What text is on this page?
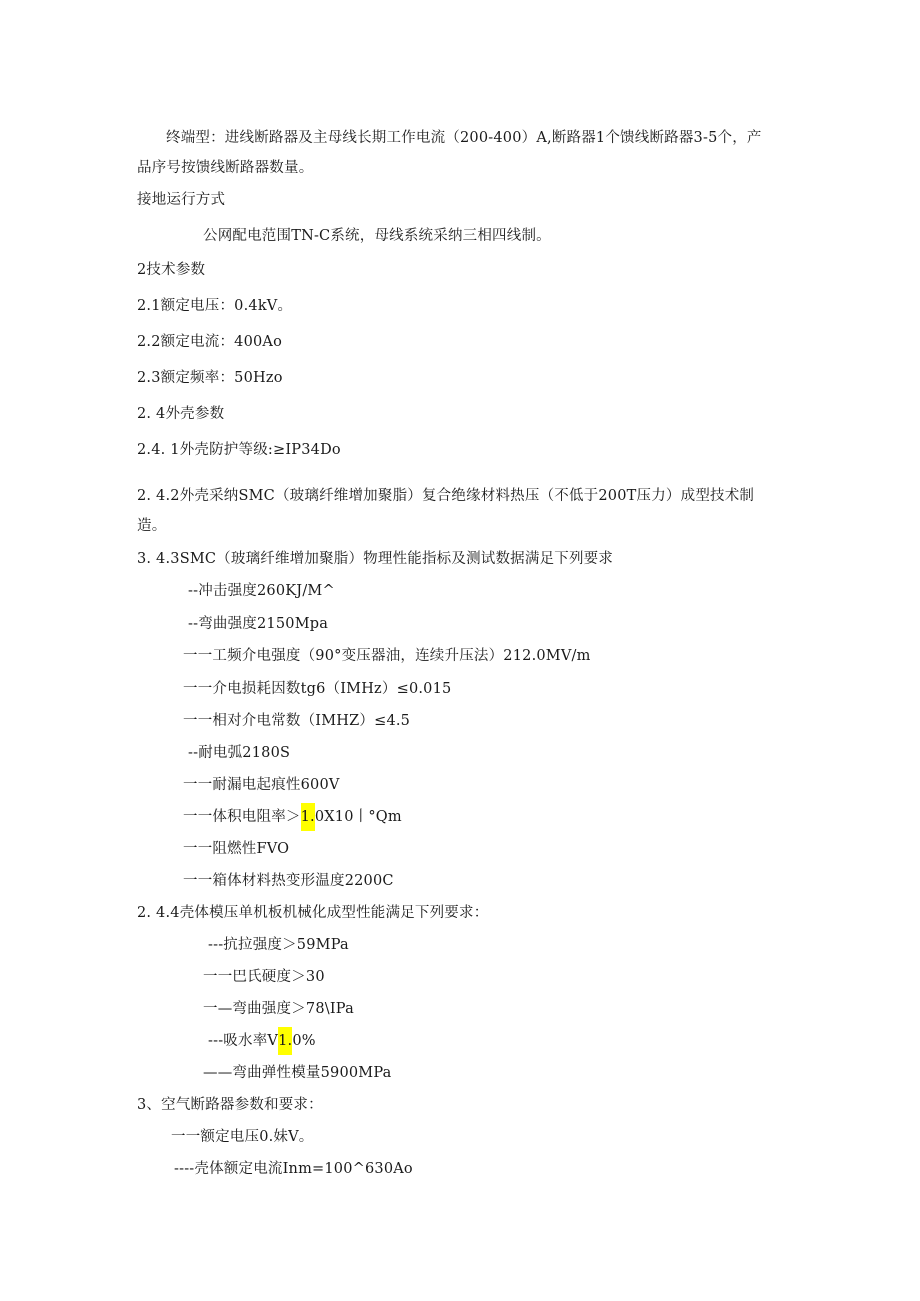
终端型：进线断路器及主母线长期工作电流（200-400）A,断路器1个馈线断路器3-5个，产

品序号按馈线断路器数量。

接地运行方式

公网配电范围TN-C系统，母线系统采纳三相四线制。

2技术参数

2.1额定电压：0.4kV。

2.2额定电流：400Ao

2.3额定频率：50Hzo

2. 4外壳参数

2.4. 1外壳防护等级:≥IP34Do

2. 4.2外壳采纳SMC（玻璃纤维增加聚脂）复合绝缘材料热压（不低于200T压力）成型技术制

造。

3. 4.3SMC（玻璃纤维增加聚脂）物理性能指标及测试数据满足下列要求

--冲击强度260KJ/M^

--弯曲强度2150Mpa

一一工频介电强度（90°变压器油，连续升压法）212.0MV/m

一一介电损耗因数tg6（IMHz）≤0.015

一一相对介电常数（IMHZ）≤4.5

--耐电弧2180S

一一耐漏电起痕性600V

一一体积电阻率＞1.0X10丨°Qm

一一阻燃性FVO

一一箱体材料热变形温度2200C

2. 4.4壳体模压单机板机械化成型性能满足下列要求：

---抗拉强度＞59MPa

一一巴氏硬度＞30

一—弯曲强度＞78\IPa

---吸水率V1.0%

——弯曲弹性模量5900MPa

3、空气断路器参数和要求：

一一额定电压0.妹V。

----壳体额定电流Inm=100^630Ao
